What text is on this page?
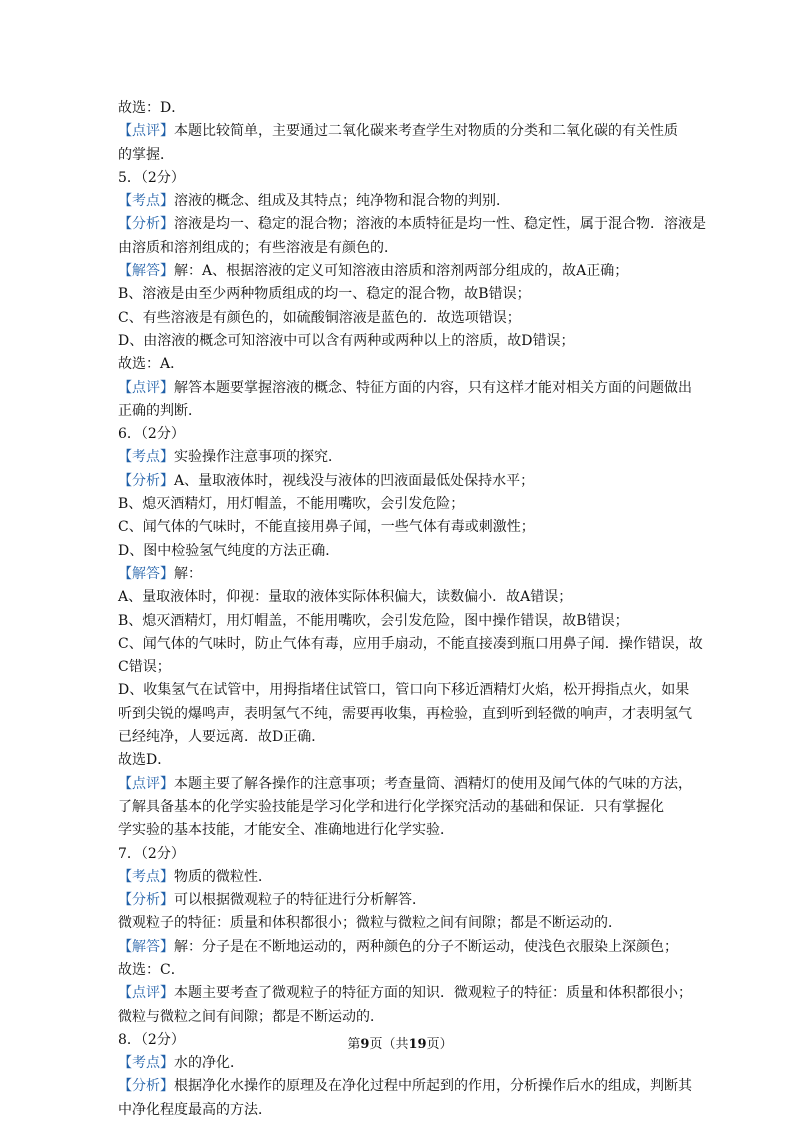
故选：D．
【点评】本题比较简单，主要通过二氧化碳来考查学生对物质的分类和二氧化碳的有关性质
的掌握．
5．（2分）
【考点】溶液的概念、组成及其特点；纯净物和混合物的判别．
【分析】溶液是均一、稳定的混合物；溶液的本质特征是均一性、稳定性，属于混合物．溶液是
由溶质和溶剂组成的；有些溶液是有颜色的．
【解答】解：A、根据溶液的定义可知溶液由溶质和溶剂两部分组成的，故A正确；
B、溶液是由至少两种物质组成的均一、稳定的混合物，故B错误；
C、有些溶液是有颜色的，如硫酸铜溶液是蓝色的．故选项错误；
D、由溶液的概念可知溶液中可以含有两种或两种以上的溶质，故D错误；
故选：A．
【点评】解答本题要掌握溶液的概念、特征方面的内容，只有这样才能对相关方面的问题做出
正确的判断．
6．（2分）
【考点】实验操作注意事项的探究．
【分析】A、量取液体时，视线没与液体的凹液面最低处保持水平；
B、熄灭酒精灯，用灯帽盖，不能用嘴吹，会引发危险；
C、闻气体的气味时，不能直接用鼻子闻，一些气体有毒或刺激性；
D、图中检验氢气纯度的方法正确．
【解答】解：
A、量取液体时，仰视：量取的液体实际体积偏大，读数偏小．故A错误；
B、熄灭酒精灯，用灯帽盖，不能用嘴吹，会引发危险，图中操作错误，故B错误；
C、闻气体的气味时，防止气体有毒，应用手扇动，不能直接凑到瓶口用鼻子闻．操作错误，故
C错误；
D、收集氢气在试管中，用拇指堵住试管口，管口向下移近酒精灯火焰，松开拇指点火，如果
听到尖锐的爆鸣声，表明氢气不纯，需要再收集，再检验，直到听到轻微的响声，才表明氢气
已经纯净，人要远离．故D正确．
故选D．
【点评】本题主要了解各操作的注意事项；考查量筒、酒精灯的使用及闻气体的气味的方法，
了解具备基本的化学实验技能是学习化学和进行化学探究活动的基础和保证．只有掌握化
学实验的基本技能，才能安全、准确地进行化学实验．
7．（2分）
【考点】物质的微粒性．
【分析】可以根据微观粒子的特征进行分析解答．
微观粒子的特征：质量和体积都很小；微粒与微粒之间有间隙；都是不断运动的．
【解答】解：分子是在不断地运动的，两种颜色的分子不断运动，使浅色衣服染上深颜色；
故选：C．
【点评】本题主要考查了微观粒子的特征方面的知识．微观粒子的特征：质量和体积都很小；
微粒与微粒之间有间隙；都是不断运动的．
8．（2分）
【考点】水的净化．
【分析】根据净化水操作的原理及在净化过程中所起到的作用，分析操作后水的组成，判断其
中净化程度最高的方法．
第9页（共19页）
